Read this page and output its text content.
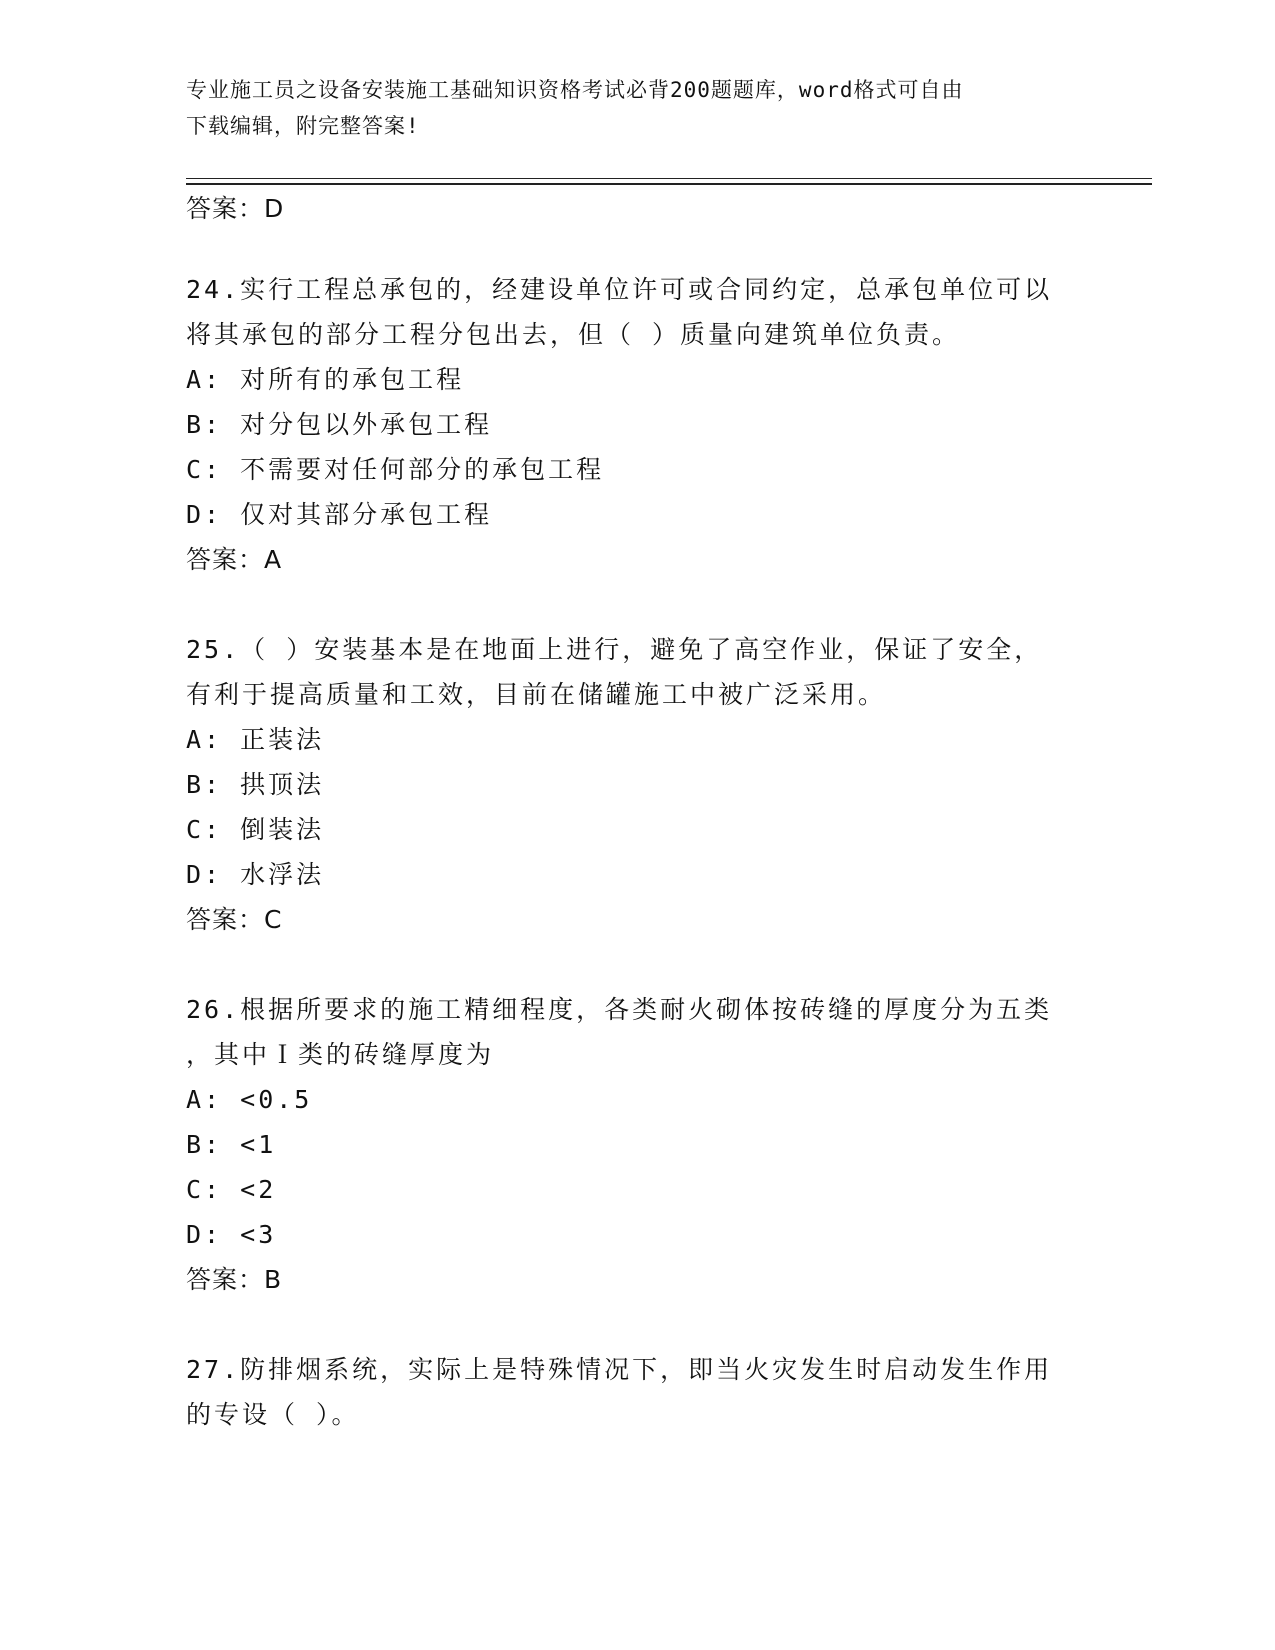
专业施工员之设备安装施工基础知识资格考试必背200题题库，word格式可自由
下载编辑，附完整答案!
答案：D
24.实行工程总承包的，经建设单位许可或合同约定，总承包单位可以
将其承包的部分工程分包出去，但（ ）质量向建筑单位负责。
A: 对所有的承包工程
B: 对分包以外承包工程
C: 不需要对任何部分的承包工程
D: 仅对其部分承包工程
答案：A
25.（ ）安装基本是在地面上进行，避免了高空作业，保证了安全，
有利于提高质量和工效，目前在储罐施工中被广泛采用。
A: 正装法
B: 拱顶法
C: 倒装法
D: 水浮法
答案：C
26.根据所要求的施工精细程度，各类耐火砌体按砖缝的厚度分为五类
，其中Ｉ类的砖缝厚度为
A: <0.5
B: <1
C: <2
D: <3
答案：B
27.防排烟系统，实际上是特殊情况下，即当火灾发生时启动发生作用
的专设（ ）。
